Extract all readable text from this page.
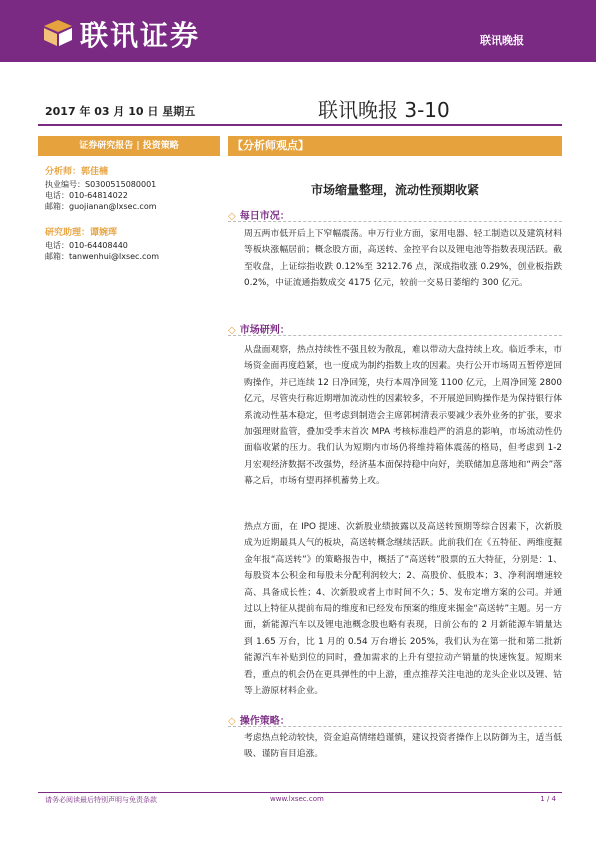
联讯证券	联讯晚报
2017 年 03 月 10 日 星期五	联讯晚报 3-10
证券研究报告 | 投资策略	【分析师观点】
分析师：郭佳楠
执业编号：S0300515080001
电话：010-64814022
邮箱：guojianan@lxsec.com
研究助理：谭婉珲
电话：010-64408440
邮箱：tanwenhui@lxsec.com
市场缩量整理，流动性预期收紧
◇ 每日市况：
周五两市低开后上下窄幅震荡。申万行业方面，家用电器、轻工制造以及建筑材料等板块涨幅居前；概念股方面，高送转、金控平台以及锂电池等指数表现活跃。截至收盘，上证综指收跌 0.12%至 3212.76 点，深成指收涨 0.29%，创业板指跌 0.2%，中证流通指数成交 4175 亿元，较前一交易日萎缩约 300 亿元。
◇ 市场研判：
从盘面观察，热点持续性不强且较为散乱，难以带动大盘持续上攻。临近季末，市场资金面再度趋紧，也一度成为制约指数上攻的因素。央行公开市场周五暂停逆回购操作，并已连续 12 日净回笼，央行本周净回笼 1100 亿元，上周净回笼 2800 亿元，尽管央行称近期增加流动性的因素较多，不开展逆回购操作是为保持银行体系流动性基本稳定，但考虑到制造会主席郭树清表示要减少表外业务的扩张，要求加强理财监管，叠加受季末首次 MPA 考核标准趋严的消息的影响，市场流动性仍面临收紧的压力。我们认为短期内市场仍将维持箱体震荡的格局，但考虑到 1-2 月宏观经济数据不改强势，经济基本面保持稳中向好，美联储加息落地和“两会”落幕之后，市场有望再择机蓄势上攻。
热点方面，在 IPO 提速、次新股业绩披露以及高送转预期等综合因素下，次新股成为近期最具人气的板块，高送转概念继续活跃。此前我们在《五特征、两维度掘金年报“高送转”》的策略报告中，概括了“高送转”股票的五大特征，分别是：1、每股资本公积金和每股未分配利润较大；2、高股价、低股本；3、净利润增速较高、具备成长性；4、次新股或者上市时间不久；5、发布定增方案的公司。并通过以上特征从提前布局的维度和已经发布预案的维度来掘金“高送转”主题。另一方面，新能源汽车以及锂电池概念股也略有表现，日前公布的 2 月新能源车销量达到 1.65 万台，比 1 月的 0.54 万台增长 205%，我们认为在第一批和第二批新能源汽车补贴到位的同时，叠加需求的上升有望拉动产销量的快速恢复。短期来看，重点的机会仍在更具弹性的中上游，重点推荐关注电池的龙头企业以及锂、钴等上游原材料企业。
◇ 操作策略：
考虑热点轮动较快，资金追高情绪趋谨慎，建议投资者操作上以防御为主，适当低吸、谨防盲目追涨。
请务必阅读最后特别声明与免责条款	www.lxsec.com	1 / 4
